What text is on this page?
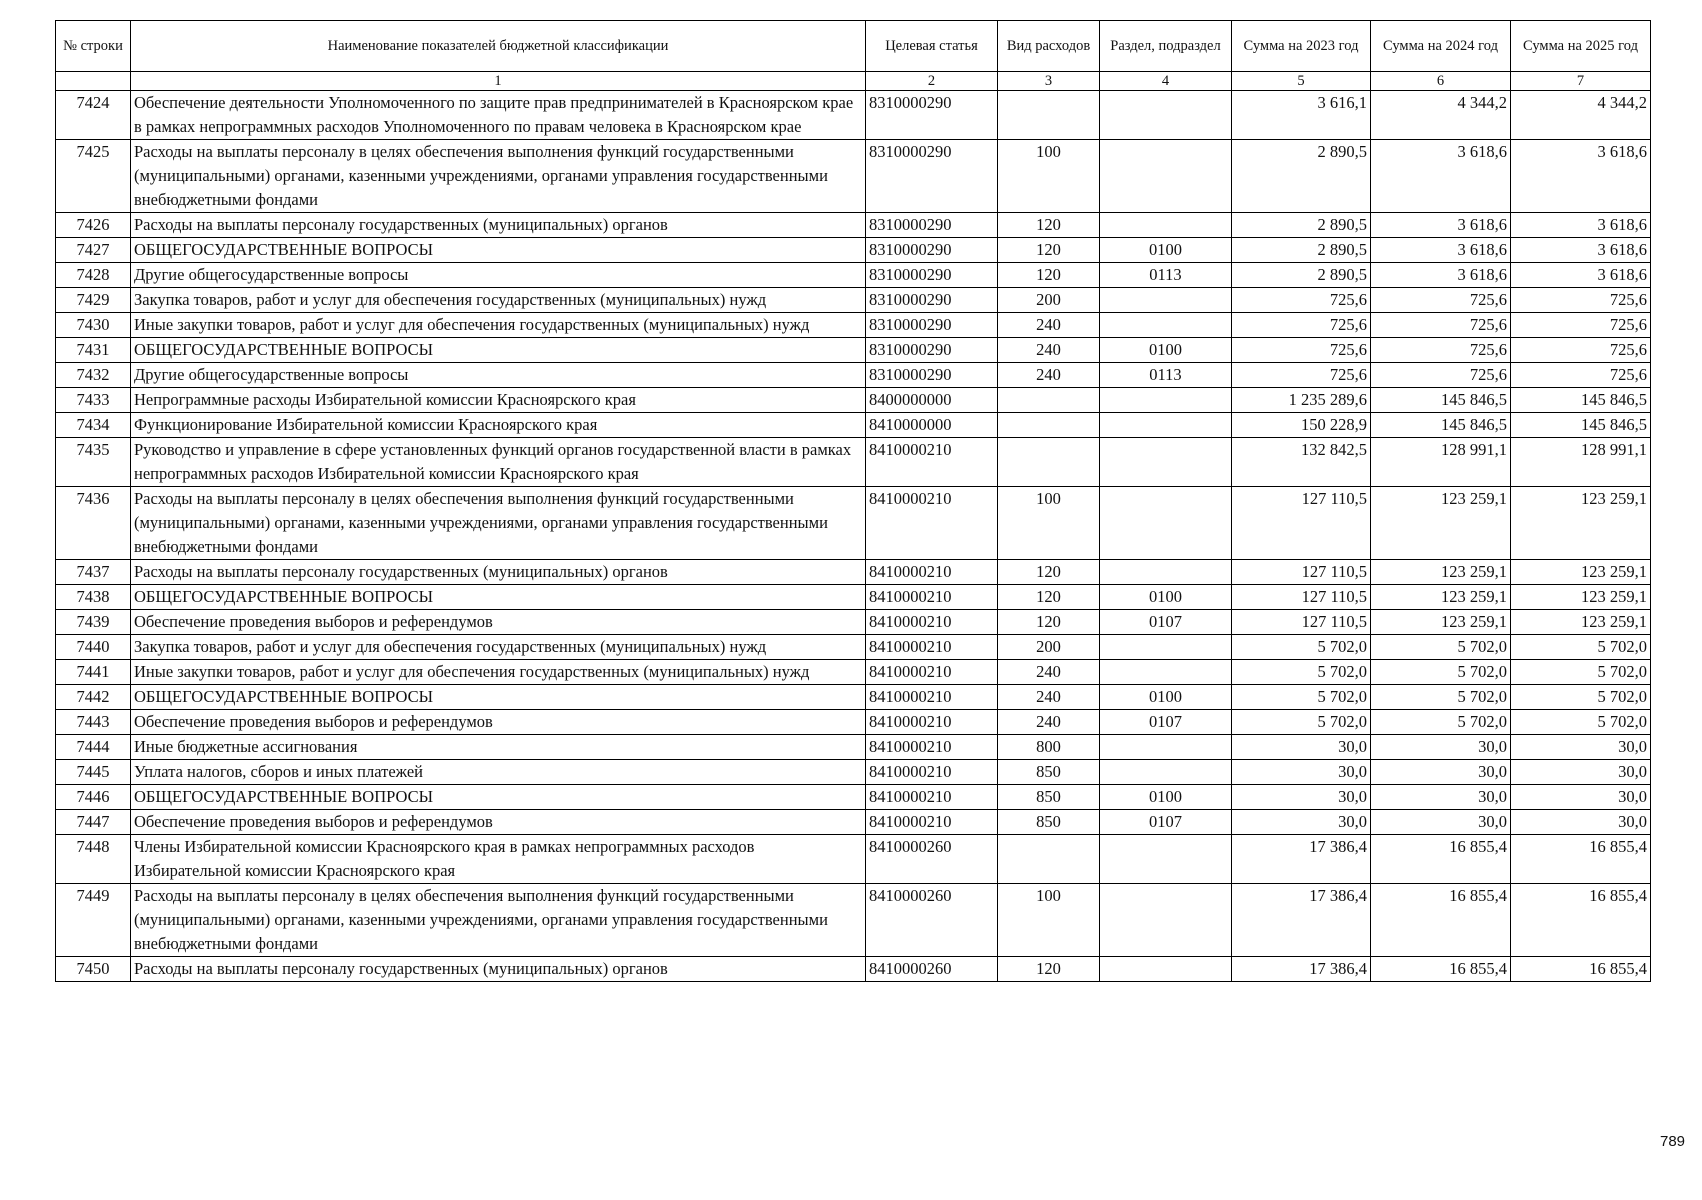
№ строки	Наименование показателей бюджетной классификации	Целевая статья	Вид расходов	Раздел, подраздел	Сумма на 2023 год	Сумма на 2024 год	Сумма на 2025 год
	1	2	3	4	5	6	7
7424	Обеспечение деятельности Уполномоченного по защите прав предпринимателей в Красноярском крае в рамках непрограммных расходов Уполномоченного по правам человека в Красноярском крае	8310000290			3 616,1	4 344,2	4 344,2
7425	Расходы на выплаты персоналу в целях обеспечения выполнения функций государственными (муниципальными) органами, казенными учреждениями, органами управления государственными внебюджетными фондами	8310000290	100		2 890,5	3 618,6	3 618,6
7426	Расходы на выплаты персоналу государственных (муниципальных) органов	8310000290	120		2 890,5	3 618,6	3 618,6
7427	ОБЩЕГОСУДАРСТВЕННЫЕ ВОПРОСЫ	8310000290	120	0100	2 890,5	3 618,6	3 618,6
7428	Другие общегосударственные вопросы	8310000290	120	0113	2 890,5	3 618,6	3 618,6
7429	Закупка товаров, работ и услуг для обеспечения государственных (муниципальных) нужд	8310000290	200		725,6	725,6	725,6
7430	Иные закупки товаров, работ и услуг для обеспечения государственных (муниципальных) нужд	8310000290	240		725,6	725,6	725,6
7431	ОБЩЕГОСУДАРСТВЕННЫЕ ВОПРОСЫ	8310000290	240	0100	725,6	725,6	725,6
7432	Другие общегосударственные вопросы	8310000290	240	0113	725,6	725,6	725,6
7433	Непрограммные расходы Избирательной комиссии Красноярского края	8400000000			1 235 289,6	145 846,5	145 846,5
7434	Функционирование Избирательной комиссии Красноярского края	8410000000			150 228,9	145 846,5	145 846,5
7435	Руководство и управление в сфере установленных функций органов государственной власти в рамках непрограммных расходов Избирательной комиссии Красноярского края	8410000210			132 842,5	128 991,1	128 991,1
7436	Расходы на выплаты персоналу в целях обеспечения выполнения функций государственными (муниципальными) органами, казенными учреждениями, органами управления государственными внебюджетными фондами	8410000210	100		127 110,5	123 259,1	123 259,1
7437	Расходы на выплаты персоналу государственных (муниципальных) органов	8410000210	120		127 110,5	123 259,1	123 259,1
7438	ОБЩЕГОСУДАРСТВЕННЫЕ ВОПРОСЫ	8410000210	120	0100	127 110,5	123 259,1	123 259,1
7439	Обеспечение проведения выборов и референдумов	8410000210	120	0107	127 110,5	123 259,1	123 259,1
7440	Закупка товаров, работ и услуг для обеспечения государственных (муниципальных) нужд	8410000210	200		5 702,0	5 702,0	5 702,0
7441	Иные закупки товаров, работ и услуг для обеспечения государственных (муниципальных) нужд	8410000210	240		5 702,0	5 702,0	5 702,0
7442	ОБЩЕГОСУДАРСТВЕННЫЕ ВОПРОСЫ	8410000210	240	0100	5 702,0	5 702,0	5 702,0
7443	Обеспечение проведения выборов и референдумов	8410000210	240	0107	5 702,0	5 702,0	5 702,0
7444	Иные бюджетные ассигнования	8410000210	800		30,0	30,0	30,0
7445	Уплата налогов, сборов и иных платежей	8410000210	850		30,0	30,0	30,0
7446	ОБЩЕГОСУДАРСТВЕННЫЕ ВОПРОСЫ	8410000210	850	0100	30,0	30,0	30,0
7447	Обеспечение проведения выборов и референдумов	8410000210	850	0107	30,0	30,0	30,0
7448	Члены Избирательной комиссии Красноярского края в рамках непрограммных расходов Избирательной комиссии Красноярского края	8410000260			17 386,4	16 855,4	16 855,4
7449	Расходы на выплаты персоналу в целях обеспечения выполнения функций государственными (муниципальными) органами, казенными учреждениями, органами управления государственными внебюджетными фондами	8410000260	100		17 386,4	16 855,4	16 855,4
7450	Расходы на выплаты персоналу государственных (муниципальных) органов	8410000260	120		17 386,4	16 855,4	16 855,4
789
